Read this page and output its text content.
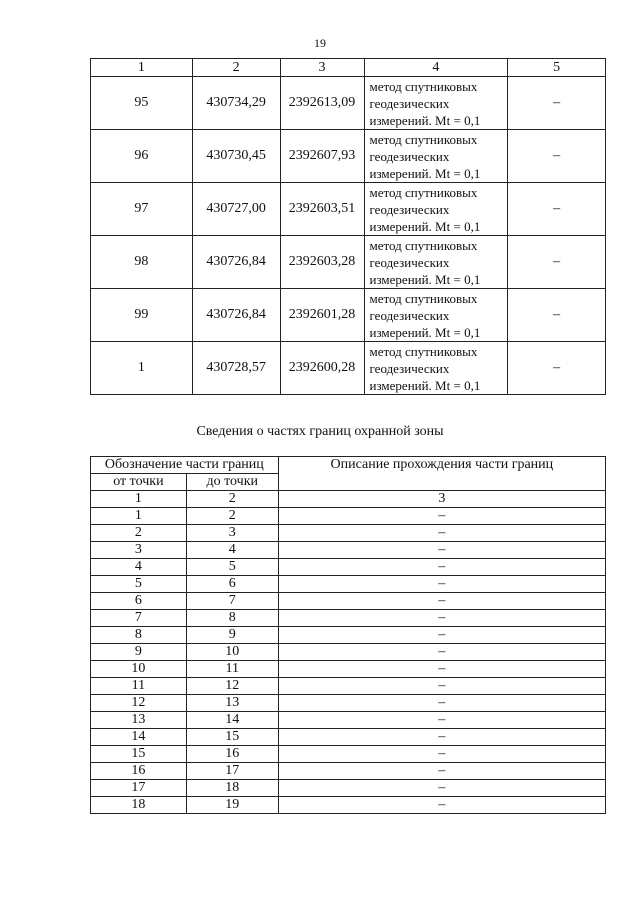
19
1	2	3	4	5
95	430734,29	2392613,09	метод спутниковых
геодезических
измерений. Mt = 0,1	–
96	430730,45	2392607,93	метод спутниковых
геодезических
измерений. Mt = 0,1	–
97	430727,00	2392603,51	метод спутниковых
геодезических
измерений. Mt = 0,1	–
98	430726,84	2392603,28	метод спутниковых
геодезических
измерений. Mt = 0,1	–
99	430726,84	2392601,28	метод спутниковых
геодезических
измерений. Mt = 0,1	–
1	430728,57	2392600,28	метод спутниковых
геодезических
измерений. Mt = 0,1	–
Сведения о частях границ охранной зоны
Обозначение части границ		Описание прохождения части границ
от точки	до точки	
1	2	3
1	2	–
2	3	–
3	4	–
4	5	–
5	6	–
6	7	–
7	8	–
8	9	–
9	10	–
10	11	–
11	12	–
12	13	–
13	14	–
14	15	–
15	16	–
16	17	–
17	18	–
18	19	–
